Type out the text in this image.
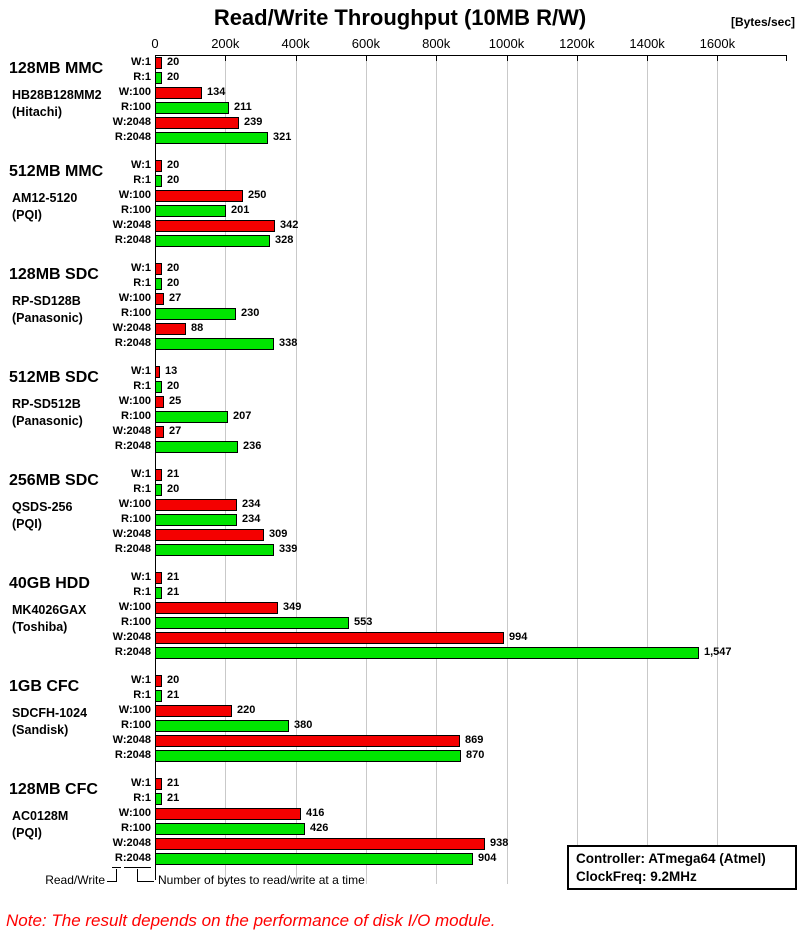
Read/Write Throughput (10MB R/W)	[Bytes/sec]
0	200k	400k	600k	800k	1000k	1200k	1400k	1600k
128MB MMC
HB28B128MM2
(Hitachi)
W:1 20
R:1 20
W:100	134
R:100	211
W:2048	239
R:2048	321
512MB MMC
AM12-5120
(PQI)
W:1 20
R:1 20
W:100	250
R:100	201
W:2048	342
R:2048	328
128MB SDC
RP-SD128B
(Panasonic)
W:1 20
R:1 20
W:100 27
R:100	230
W:2048	88
R:2048	338
512MB SDC
RP-SD512B
(Panasonic)
W:1 13
R:1 20
W:100 25
R:100	207
W:2048 27
R:2048	236
256MB SDC
QSDS-256
(PQI)
W:1 21
R:1 20
W:100	234
R:100	234
W:2048	309
R:2048	339
40GB HDD
MK4026GAX
(Toshiba)
W:1 21
R:1 21
W:100	349
R:100	553
W:2048	994
R:2048	1,547
1GB CFC
SDCFH-1024
(Sandisk)
W:1 20
R:1 21
W:100	220
R:100	380
W:2048	869
R:2048	870
128MB CFC
AC0128M
(PQI)
W:1 21
R:1 21
W:100	416
R:100	426
W:2048	938
R:2048	904
Read/Write	Number of bytes to read/write at a time
Controller: ATmega64 (Atmel)
ClockFreq: 9.2MHz
Note: The result depends on the performance of disk I/O module.
